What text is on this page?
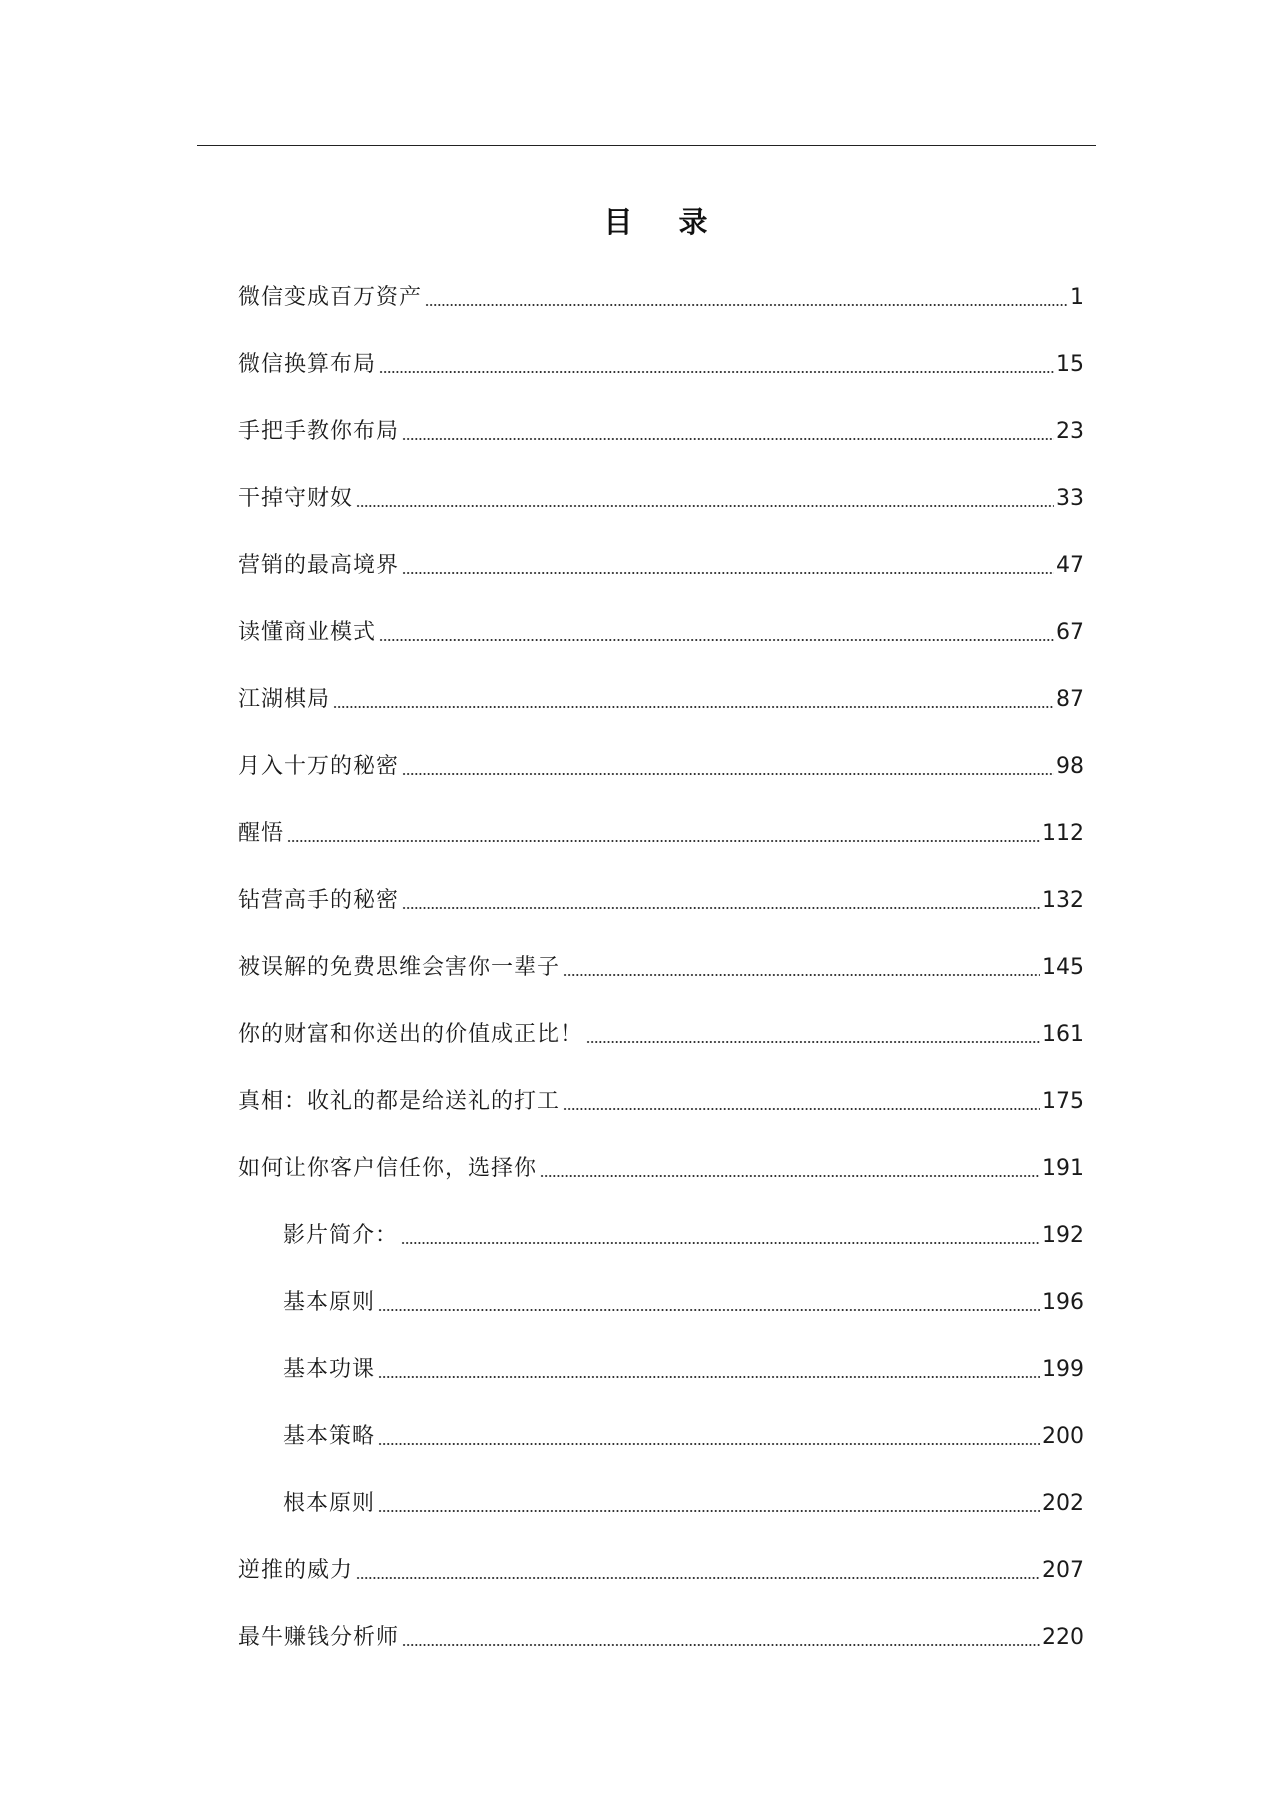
目 录
微信变成百万资产	1
微信换算布局	15
手把手教你布局	23
干掉守财奴	33
营销的最高境界	47
读懂商业模式	67
江湖棋局	87
月入十万的秘密	98
醒悟	112
钻营高手的秘密	132
被误解的免费思维会害你一辈子	145
你的财富和你送出的价值成正比！	161
真相：收礼的都是给送礼的打工	175
如何让你客户信任你，选择你	191
影片简介：	192
基本原则	196
基本功课	199
基本策略	200
根本原则	202
逆推的威力	207
最牛赚钱分析师	220
